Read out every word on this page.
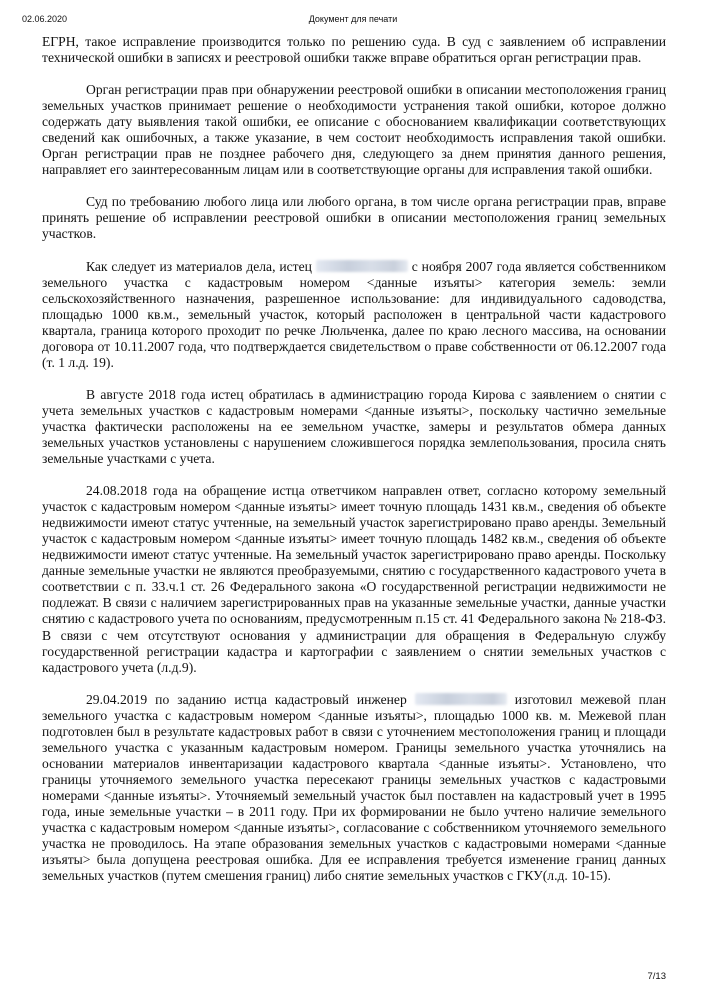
02.06.2020	Документ для печати

ЕГРН, такое исправление производится только по решению суда. В суд с заявлением об исправлении технической ошибки в записях и реестровой ошибки также вправе обратиться орган регистрации прав.

Орган регистрации прав при обнаружении реестровой ошибки в описании местоположения границ земельных участков принимает решение о необходимости устранения такой ошибки, которое должно содержать дату выявления такой ошибки, ее описание с обоснованием квалификации соответствующих сведений как ошибочных, а также указание, в чем состоит необходимость исправления такой ошибки. Орган регистрации прав не позднее рабочего дня, следующего за днем принятия данного решения, направляет его заинтересованным лицам или в соответствующие органы для исправления такой ошибки.

Суд по требованию любого лица или любого органа, в том числе органа регистрации прав, вправе принять решение об исправлении реестровой ошибки в описании местоположения границ земельных участков.

Как следует из материалов дела, истец	с ноября 2007 года является собственником земельного участка с кадастровым номером <данные изъяты> категория земель: земли сельскохозяйственного назначения, разрешенное использование: для индивидуального садоводства, площадью 1000 кв.м., земельный участок, который расположен в центральной части кадастрового квартала, граница которого проходит по речке Люльченка, далее по краю лесного массива, на основании договора от 10.11.2007 года, что подтверждается свидетельством о праве собственности от 06.12.2007 года (т. 1 л.д. 19).

В августе 2018 года истец обратилась в администрацию города Кирова с заявлением о снятии с учета земельных участков с кадастровым номерами <данные изъяты>, поскольку частично земельные участка фактически расположены на ее земельном участке, замеры и результатов обмера данных земельных участков установлены с нарушением сложившегося порядка землепользования, просила снять земельные участками с учета.

24.08.2018 года на обращение истца ответчиком направлен ответ, согласно которому земельный участок с кадастровым номером <данные изъяты> имеет точную площадь 1431 кв.м., сведения об объекте недвижимости имеют статус учтенные, на земельный участок зарегистрировано право аренды. Земельный участок с кадастровым номером <данные изъяты> имеет точную площадь 1482 кв.м., сведения об объекте недвижимости имеют статус учтенные. На земельный участок зарегистрировано право аренды. Поскольку данные земельные участки не являются преобразуемыми, снятию с государственного кадастрового учета в соответствии с п. 33.ч.1 ст. 26 Федерального закона «О государственной регистрации недвижимости не подлежат. В связи с наличием зарегистрированных прав на указанные земельные участки, данные участки снятию с кадастрового учета по основаниям, предусмотренным п.15 ст. 41 Федерального закона № 218-ФЗ. В связи с чем отсутствуют основания у администрации для обращения в Федеральную службу государственной регистрации кадастра и картографии с заявлением о снятии земельных участков с кадастрового учета (л.д.9).

29.04.2019 по заданию истца кадастровый инженер	изготовил межевой план земельного участка с кадастровым номером <данные изъяты>, площадью 1000 кв. м. Межевой план подготовлен был в результате кадастровых работ в связи с уточнением местоположения границ и площади земельного участка с указанным кадастровым номером. Границы земельного участка уточнялись на основании материалов инвентаризации кадастрового квартала <данные изъяты>. Установлено, что границы уточняемого земельного участка пересекают границы земельных участков с кадастровыми номерами <данные изъяты>. Уточняемый земельный участок был поставлен на кадастровый учет в 1995 года, иные земельные участки – в 2011 году. При их формировании не было учтено наличие земельного участка с кадастровым номером <данные изъяты>, согласование с собственником уточняемого земельного участка не проводилось. На этапе образования земельных участков с кадастровыми номерами <данные изъяты> была допущена реестровая ошибка. Для ее исправления требуется изменение границ данных земельных участков (путем смешения границ) либо снятие земельных участков с ГКУ(л.д. 10-15).

7/13
